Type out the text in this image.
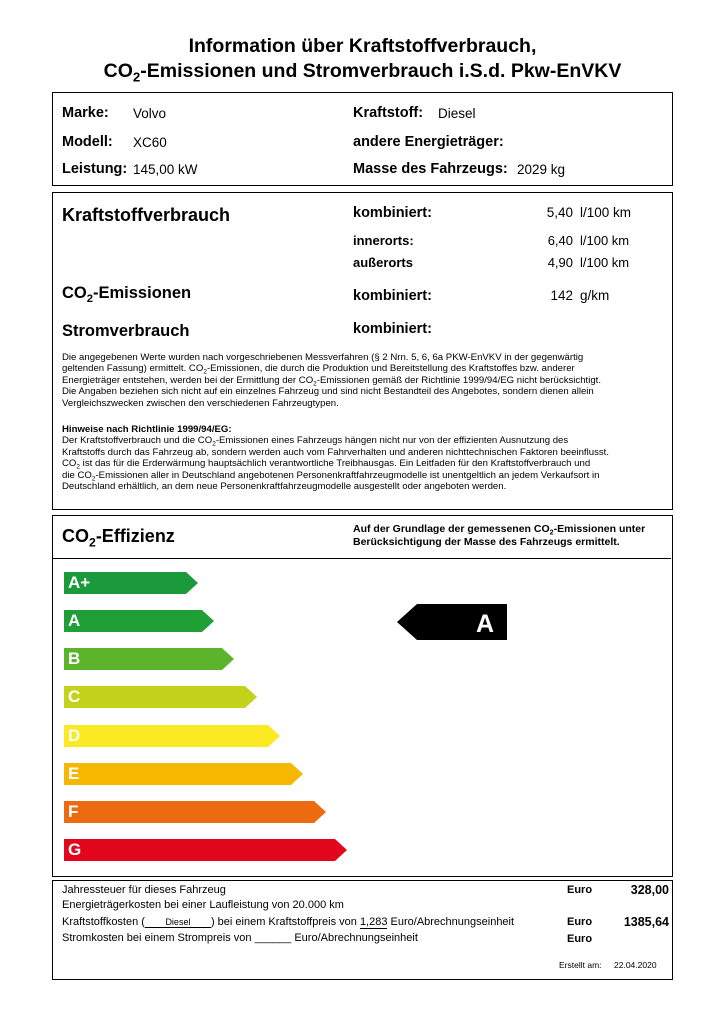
Information über Kraftstoffverbrauch,
$CO_2$-Emissionen und Stromverbrauch i.S.d. Pkw-EnVKV
Marke: Volvo
Modell: XC60
Leistung: 145,00 kW
Kraftstoff: Diesel
andere Energieträger:
Masse des Fahrzeugs: 2029 kg
Kraftstoffverbrauch	kombiniert:	5,40 l/100 km
innerorts:	6,40 l/100 km
außerorts	4,90 l/100 km
$CO_2$-Emissionen	kombiniert:	142 g/km
Stromverbrauch	kombiniert:
Die angegebenen Werte wurden nach vorgeschriebenen Messverfahren (§ 2 Nrn. 5, 6, 6a PKW-EnVKV in der gegenwärtig
geltenden Fassung) ermittelt. $CO_2$-Emissionen, die durch die Produktion und Bereitstellung des Kraftstoffes bzw. anderer
Energieträger entstehen, werden bei der Ermittlung der $CO_2$-Emissionen gemäß der Richtlinie 1999/94/EG nicht berücksichtigt.
Die Angaben beziehen sich nicht auf ein einzelnes Fahrzeug und sind nicht Bestandteil des Angebotes, sondern dienen allein
Vergleichszwecken zwischen den verschiedenen Fahrzeugtypen.
Hinweise nach Richtlinie 1999/94/EG:
Der Kraftstoffverbrauch und die $CO_2$-Emissionen eines Fahrzeugs hängen nicht nur von der effizienten Ausnutzung des
Kraftstoffs durch das Fahrzeug ab, sondern werden auch vom Fahrverhalten und anderen nichttechnischen Faktoren beeinflusst.
$CO_2$ ist das für die Erderwärmung hauptsächlich verantwortliche Treibhausgas. Ein Leitfaden für den Kraftstoffverbrauch und
die $CO_2$-Emissionen aller in Deutschland angebotenen Personenkraftfahrzeugmodelle ist unentgeltlich an jedem Verkaufsort in
Deutschland erhältlich, an dem neue Personenkraftfahrzeugmodelle ausgestellt oder angeboten werden.
$CO_2$-Effizienz	Auf der Grundlage der gemessenen $CO_2$-Emissionen unter
Berücksichtigung der Masse des Fahrzeugs ermittelt.
A+
A
B
C
D
E
F
G
A
Jahressteuer für dieses Fahrzeug	Euro	328,00
Energieträgerkosten bei einer Laufleistung von 20.000 km
Kraftstoffkosten ( Diesel ) bei einem Kraftstoffpreis von 1,283 Euro/Abrechnungseinheit	Euro	1385,64
Stromkosten bei einem Strompreis von ______ Euro/Abrechnungseinheit	Euro
Erstellt am: 22.04.2020
